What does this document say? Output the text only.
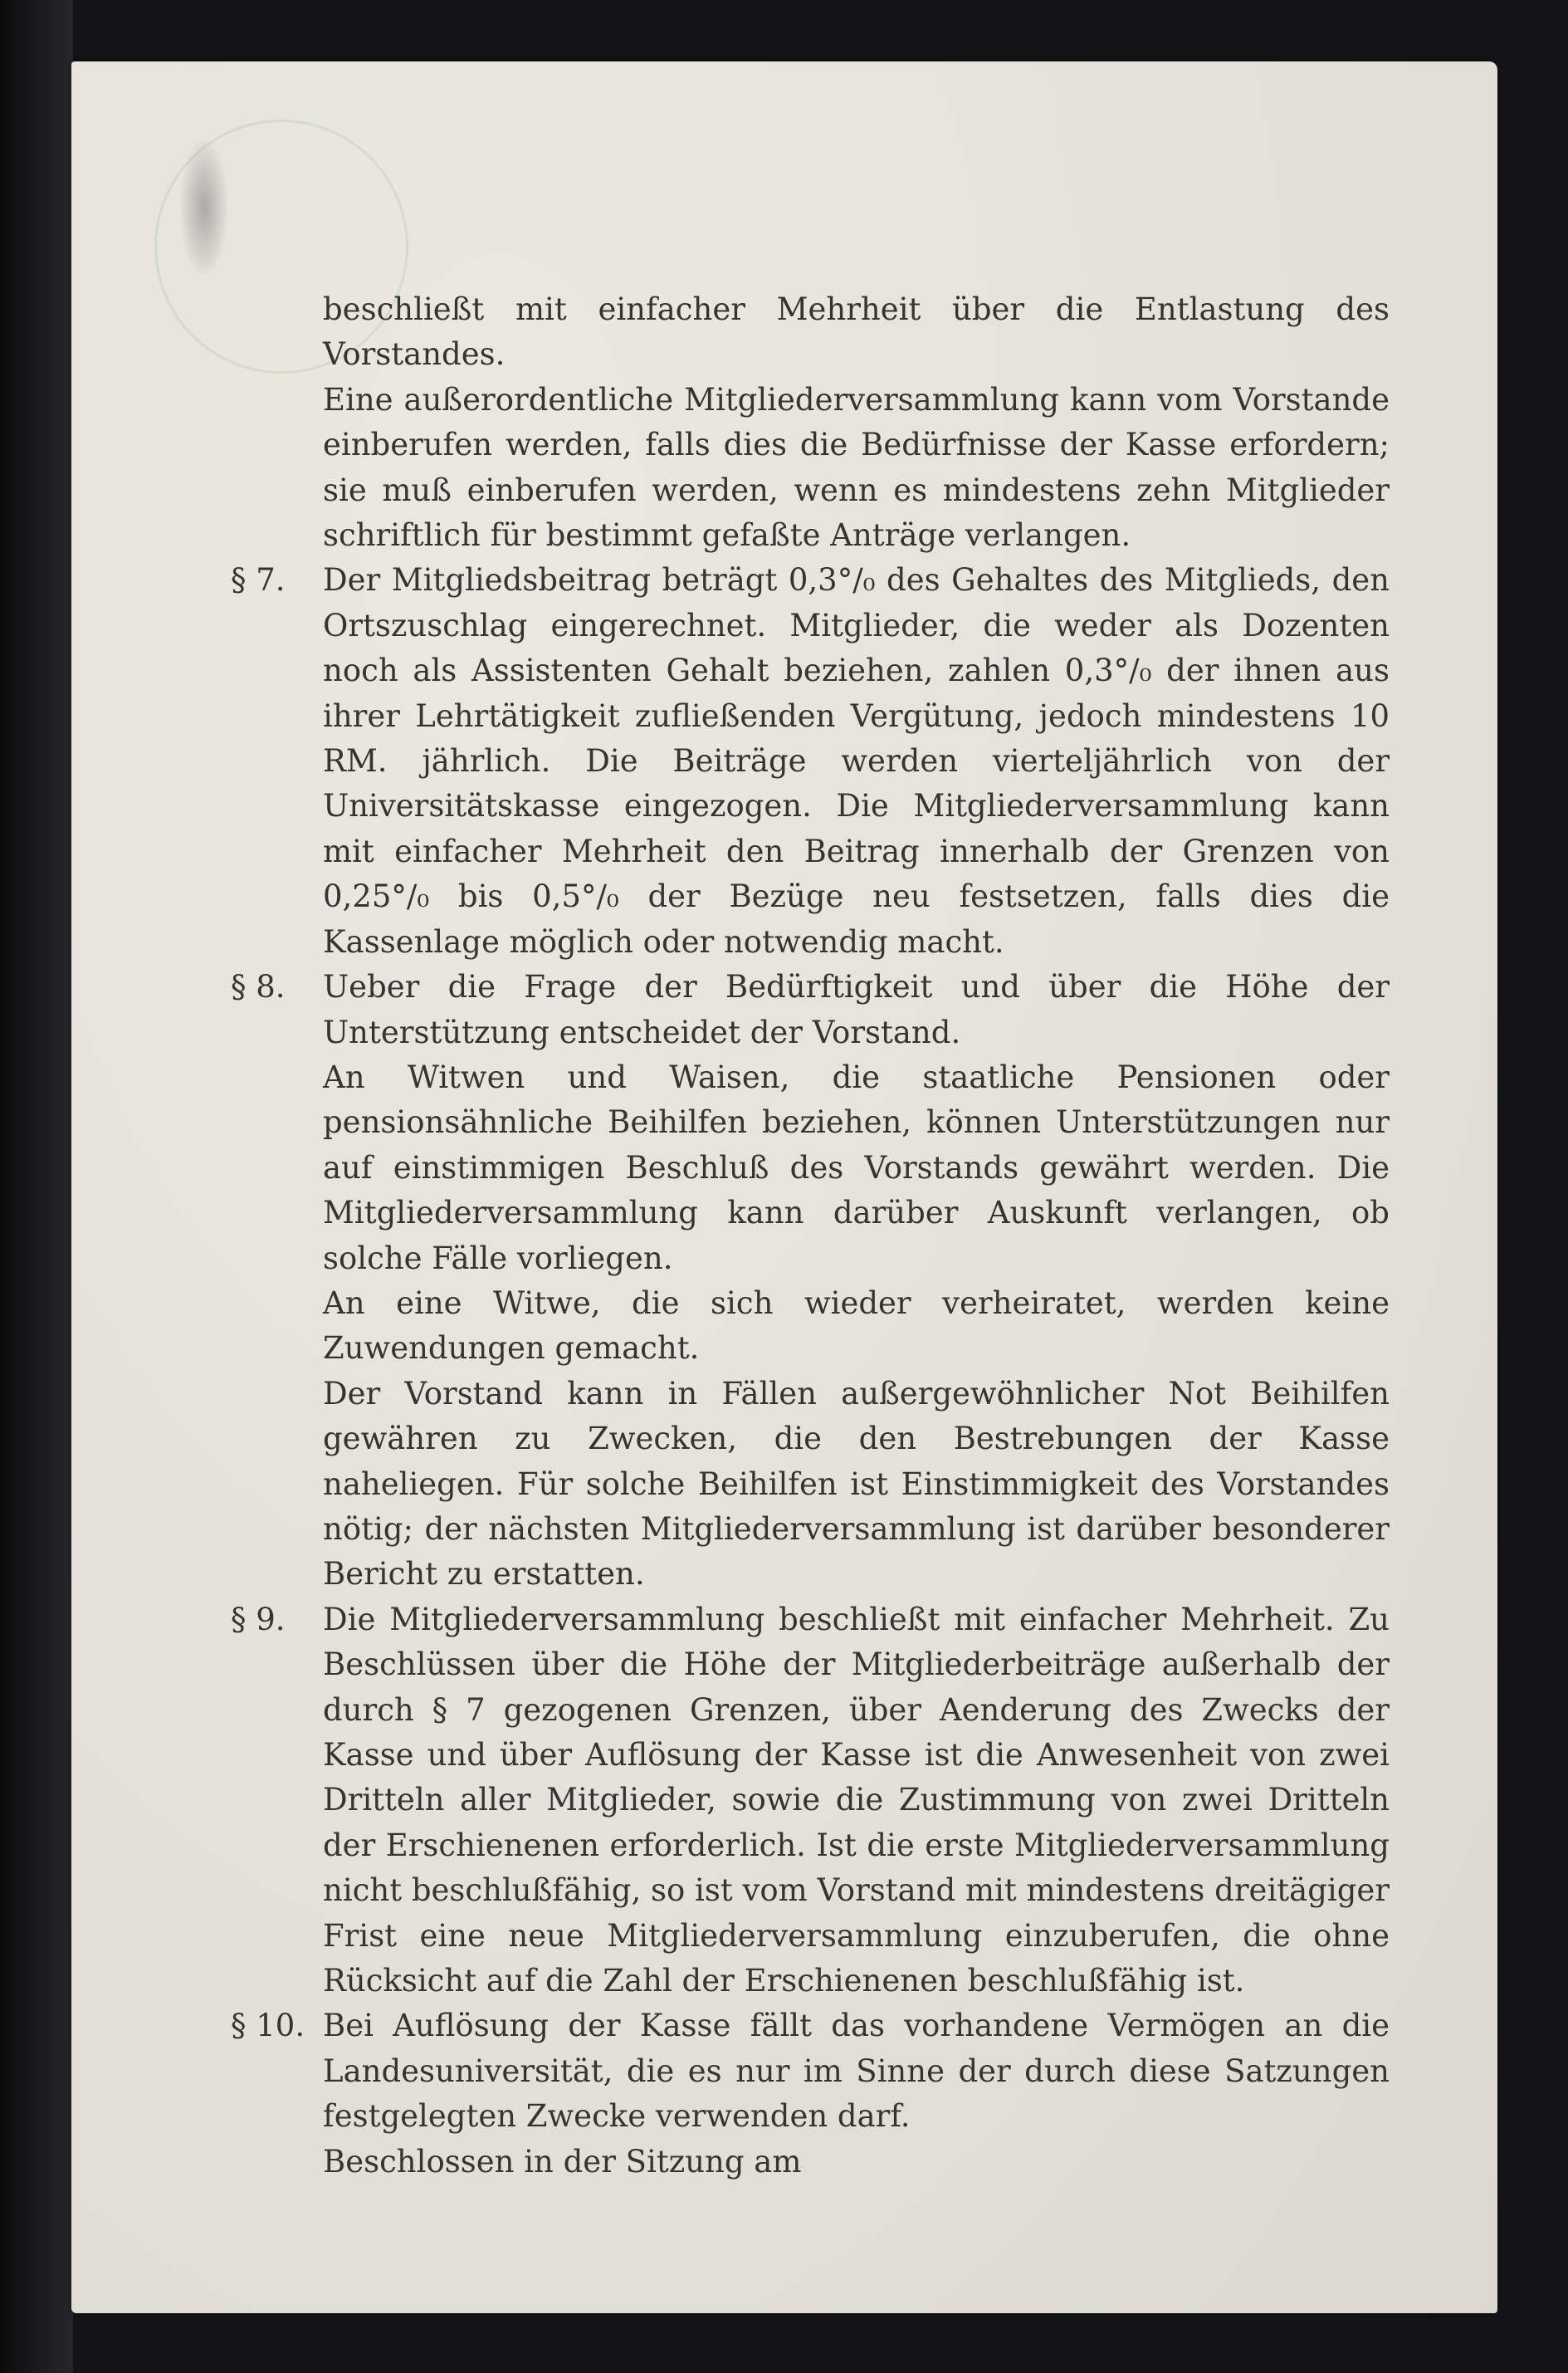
beschließt mit einfacher Mehrheit über die Entlastung des Vorstandes.

Eine außerordentliche Mitgliederversammlung kann vom Vorstande einberufen werden, falls dies die Bedürfnisse der Kasse erfordern; sie muß einberufen werden, wenn es mindestens zehn Mitglieder schriftlich für bestimmt gefaßte Anträge verlangen.

§ 7. Der Mitgliedsbeitrag beträgt 0,3°/₀ des Gehaltes des Mitglieds, den Ortszuschlag eingerechnet. Mitglieder, die weder als Dozenten noch als Assistenten Gehalt beziehen, zahlen 0,3°/₀ der ihnen aus ihrer Lehrtätigkeit zufließenden Vergütung, jedoch mindestens 10 RM. jährlich. Die Beiträge werden vierteljährlich von der Universitätskasse eingezogen. Die Mitgliederversammlung kann mit einfacher Mehrheit den Beitrag innerhalb der Grenzen von 0,25°/₀ bis 0,5°/₀ der Bezüge neu festsetzen, falls dies die Kassenlage möglich oder notwendig macht.

§ 8. Ueber die Frage der Bedürftigkeit und über die Höhe der Unterstützung entscheidet der Vorstand.

An Witwen und Waisen, die staatliche Pensionen oder pensionsähnliche Beihilfen beziehen, können Unterstützungen nur auf einstimmigen Beschluß des Vorstands gewährt werden. Die Mitgliederversammlung kann darüber Auskunft verlangen, ob solche Fälle vorliegen.

An eine Witwe, die sich wieder verheiratet, werden keine Zuwendungen gemacht.

Der Vorstand kann in Fällen außergewöhnlicher Not Beihilfen gewähren zu Zwecken, die den Bestrebungen der Kasse naheliegen. Für solche Beihilfen ist Einstimmigkeit des Vorstandes nötig; der nächsten Mitgliederversammlung ist darüber besonderer Bericht zu erstatten.

§ 9. Die Mitgliederversammlung beschließt mit einfacher Mehrheit. Zu Beschlüssen über die Höhe der Mitgliederbeiträge außerhalb der durch § 7 gezogenen Grenzen, über Aenderung des Zwecks der Kasse und über Auflösung der Kasse ist die Anwesenheit von zwei Dritteln aller Mitglieder, sowie die Zustimmung von zwei Dritteln der Erschienenen erforderlich. Ist die erste Mitgliederversammlung nicht beschlußfähig, so ist vom Vorstand mit mindestens dreitägiger Frist eine neue Mitgliederversammlung einzuberufen, die ohne Rücksicht auf die Zahl der Erschienenen beschlußfähig ist.

§ 10. Bei Auflösung der Kasse fällt das vorhandene Vermögen an die Landesuniversität, die es nur im Sinne der durch diese Satzungen festgelegten Zwecke verwenden darf.

Beschlossen in der Sitzung am
